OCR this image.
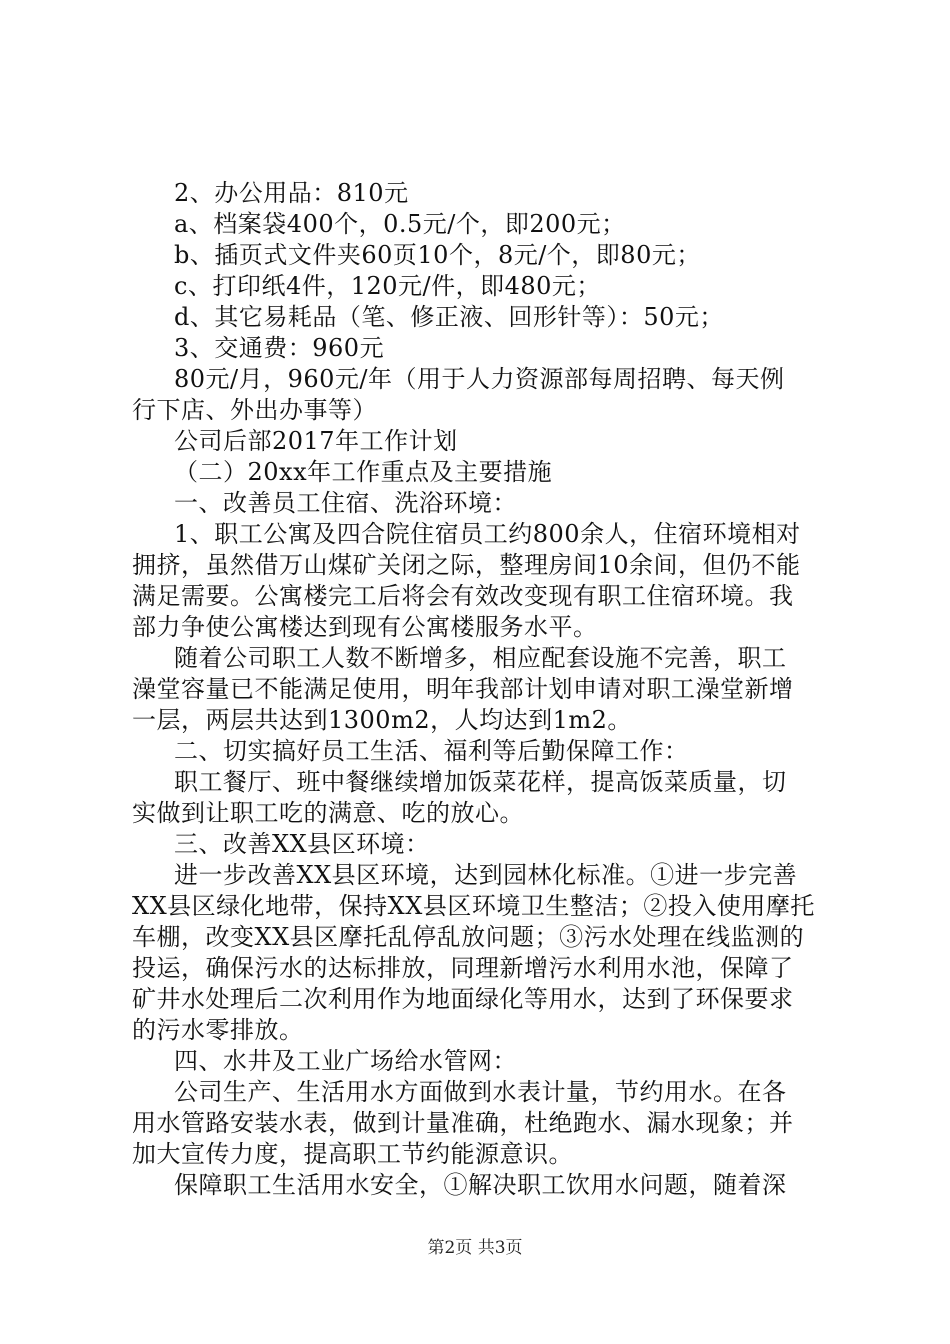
2、办公用品：810元
a、档案袋400个，0.5元/个，即200元；
b、插页式文件夹60页10个，8元/个，即80元；
c、打印纸4件，120元/件，即480元；
d、其它易耗品（笔、修正液、回形针等）：50元；
3、交通费：960元
80元/月，960元/年（用于人力资源部每周招聘、每天例
行下店、外出办事等）
公司后部2017年工作计划
（二）20xx年工作重点及主要措施
一、改善员工住宿、洗浴环境：
1、职工公寓及四合院住宿员工约800余人，住宿环境相对
拥挤，虽然借万山煤矿关闭之际，整理房间10余间，但仍不能
满足需要。公寓楼完工后将会有效改变现有职工住宿环境。我
部力争使公寓楼达到现有公寓楼服务水平。
随着公司职工人数不断增多，相应配套设施不完善，职工
澡堂容量已不能满足使用，明年我部计划申请对职工澡堂新增
一层，两层共达到1300m2，人均达到1m2。
二、切实搞好员工生活、福利等后勤保障工作：
职工餐厅、班中餐继续增加饭菜花样，提高饭菜质量，切
实做到让职工吃的满意、吃的放心。
三、改善XX县区环境：
进一步改善XX县区环境，达到园林化标准。①进一步完善
XX县区绿化地带，保持XX县区环境卫生整洁；②投入使用摩托
车棚，改变XX县区摩托乱停乱放问题；③污水处理在线监测的
投运，确保污水的达标排放，同理新增污水利用水池，保障了
矿井水处理后二次利用作为地面绿化等用水，达到了环保要求
的污水零排放。
四、水井及工业广场给水管网：
公司生产、生活用水方面做到水表计量，节约用水。在各
用水管路安装水表，做到计量准确，杜绝跑水、漏水现象；并
加大宣传力度，提高职工节约能源意识。
保障职工生活用水安全，①解决职工饮用水问题，随着深
第2页 共3页
